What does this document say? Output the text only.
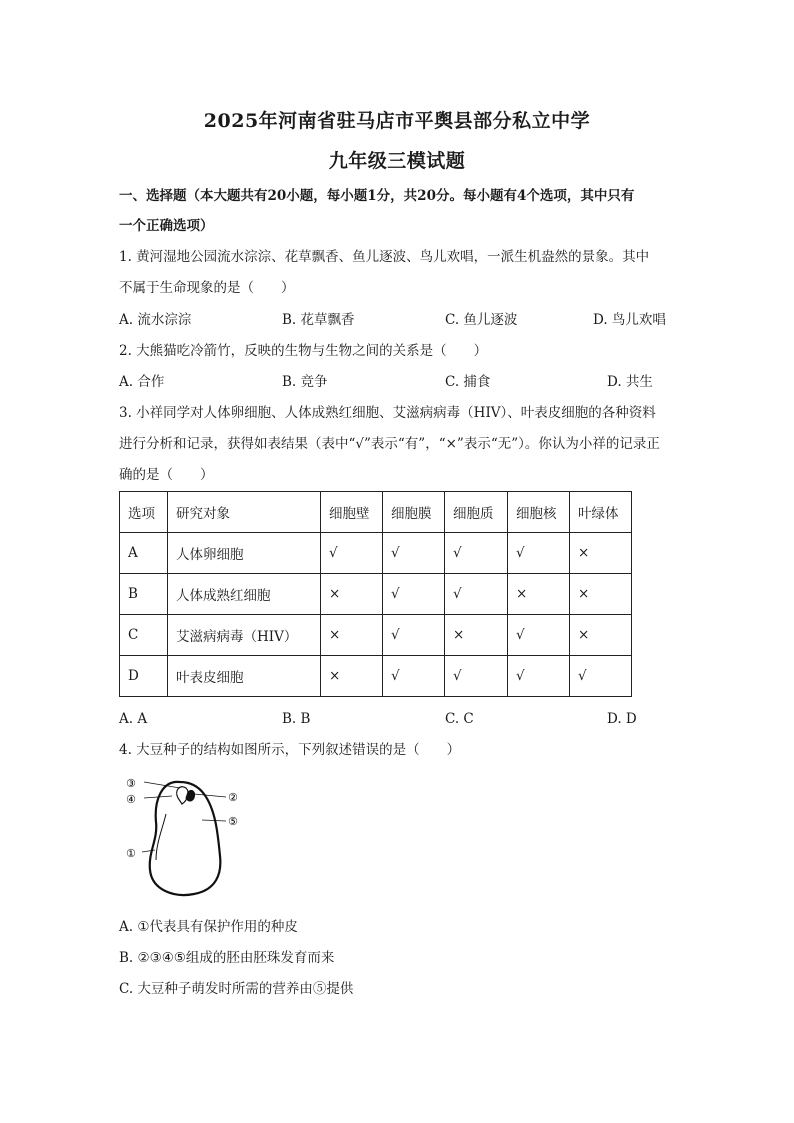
2025年河南省驻马店市平舆县部分私立中学
九年级三模试题
一、选择题（本大题共有20小题，每小题1分，共20分。每小题有4个选项，其中只有
一个正确选项）
1. 黄河湿地公园流水淙淙、花草飘香、鱼儿逐波、鸟儿欢唱，一派生机盎然的景象。其中
不属于生命现象的是（　　）
A. 流水淙淙	B. 花草飘香	C. 鱼儿逐波	D. 鸟儿欢唱
2. 大熊猫吃冷箭竹，反映的生物与生物之间的关系是（　　）
A. 合作	B. 竞争	C. 捕食	D. 共生
3. 小祥同学对人体卵细胞、人体成熟红细胞、艾滋病病毒（HIV）、叶表皮细胞的各种资料
进行分析和记录，获得如表结果（表中“√”表示“有”，“×”表示“无”）。你认为小祥的记录正
确的是（　　）
选项	研究对象	细胞壁	细胞膜	细胞质	细胞核	叶绿体
A	人体卵细胞	√	√	√	√	×
B	人体成熟红细胞	×	√	√	×	×
C	艾滋病病毒（HIV）	×	√	×	√	×
D	叶表皮细胞	×	√	√	√	√
A. A	B. B	C. C	D. D
4. 大豆种子的结构如图所示，下列叙述错误的是（　　）
③
④	②
⑤
①
A. ①代表具有保护作用的种皮
B. ②③④⑤组成的胚由胚珠发育而来
C. 大豆种子萌发时所需的营养由⑤提供
